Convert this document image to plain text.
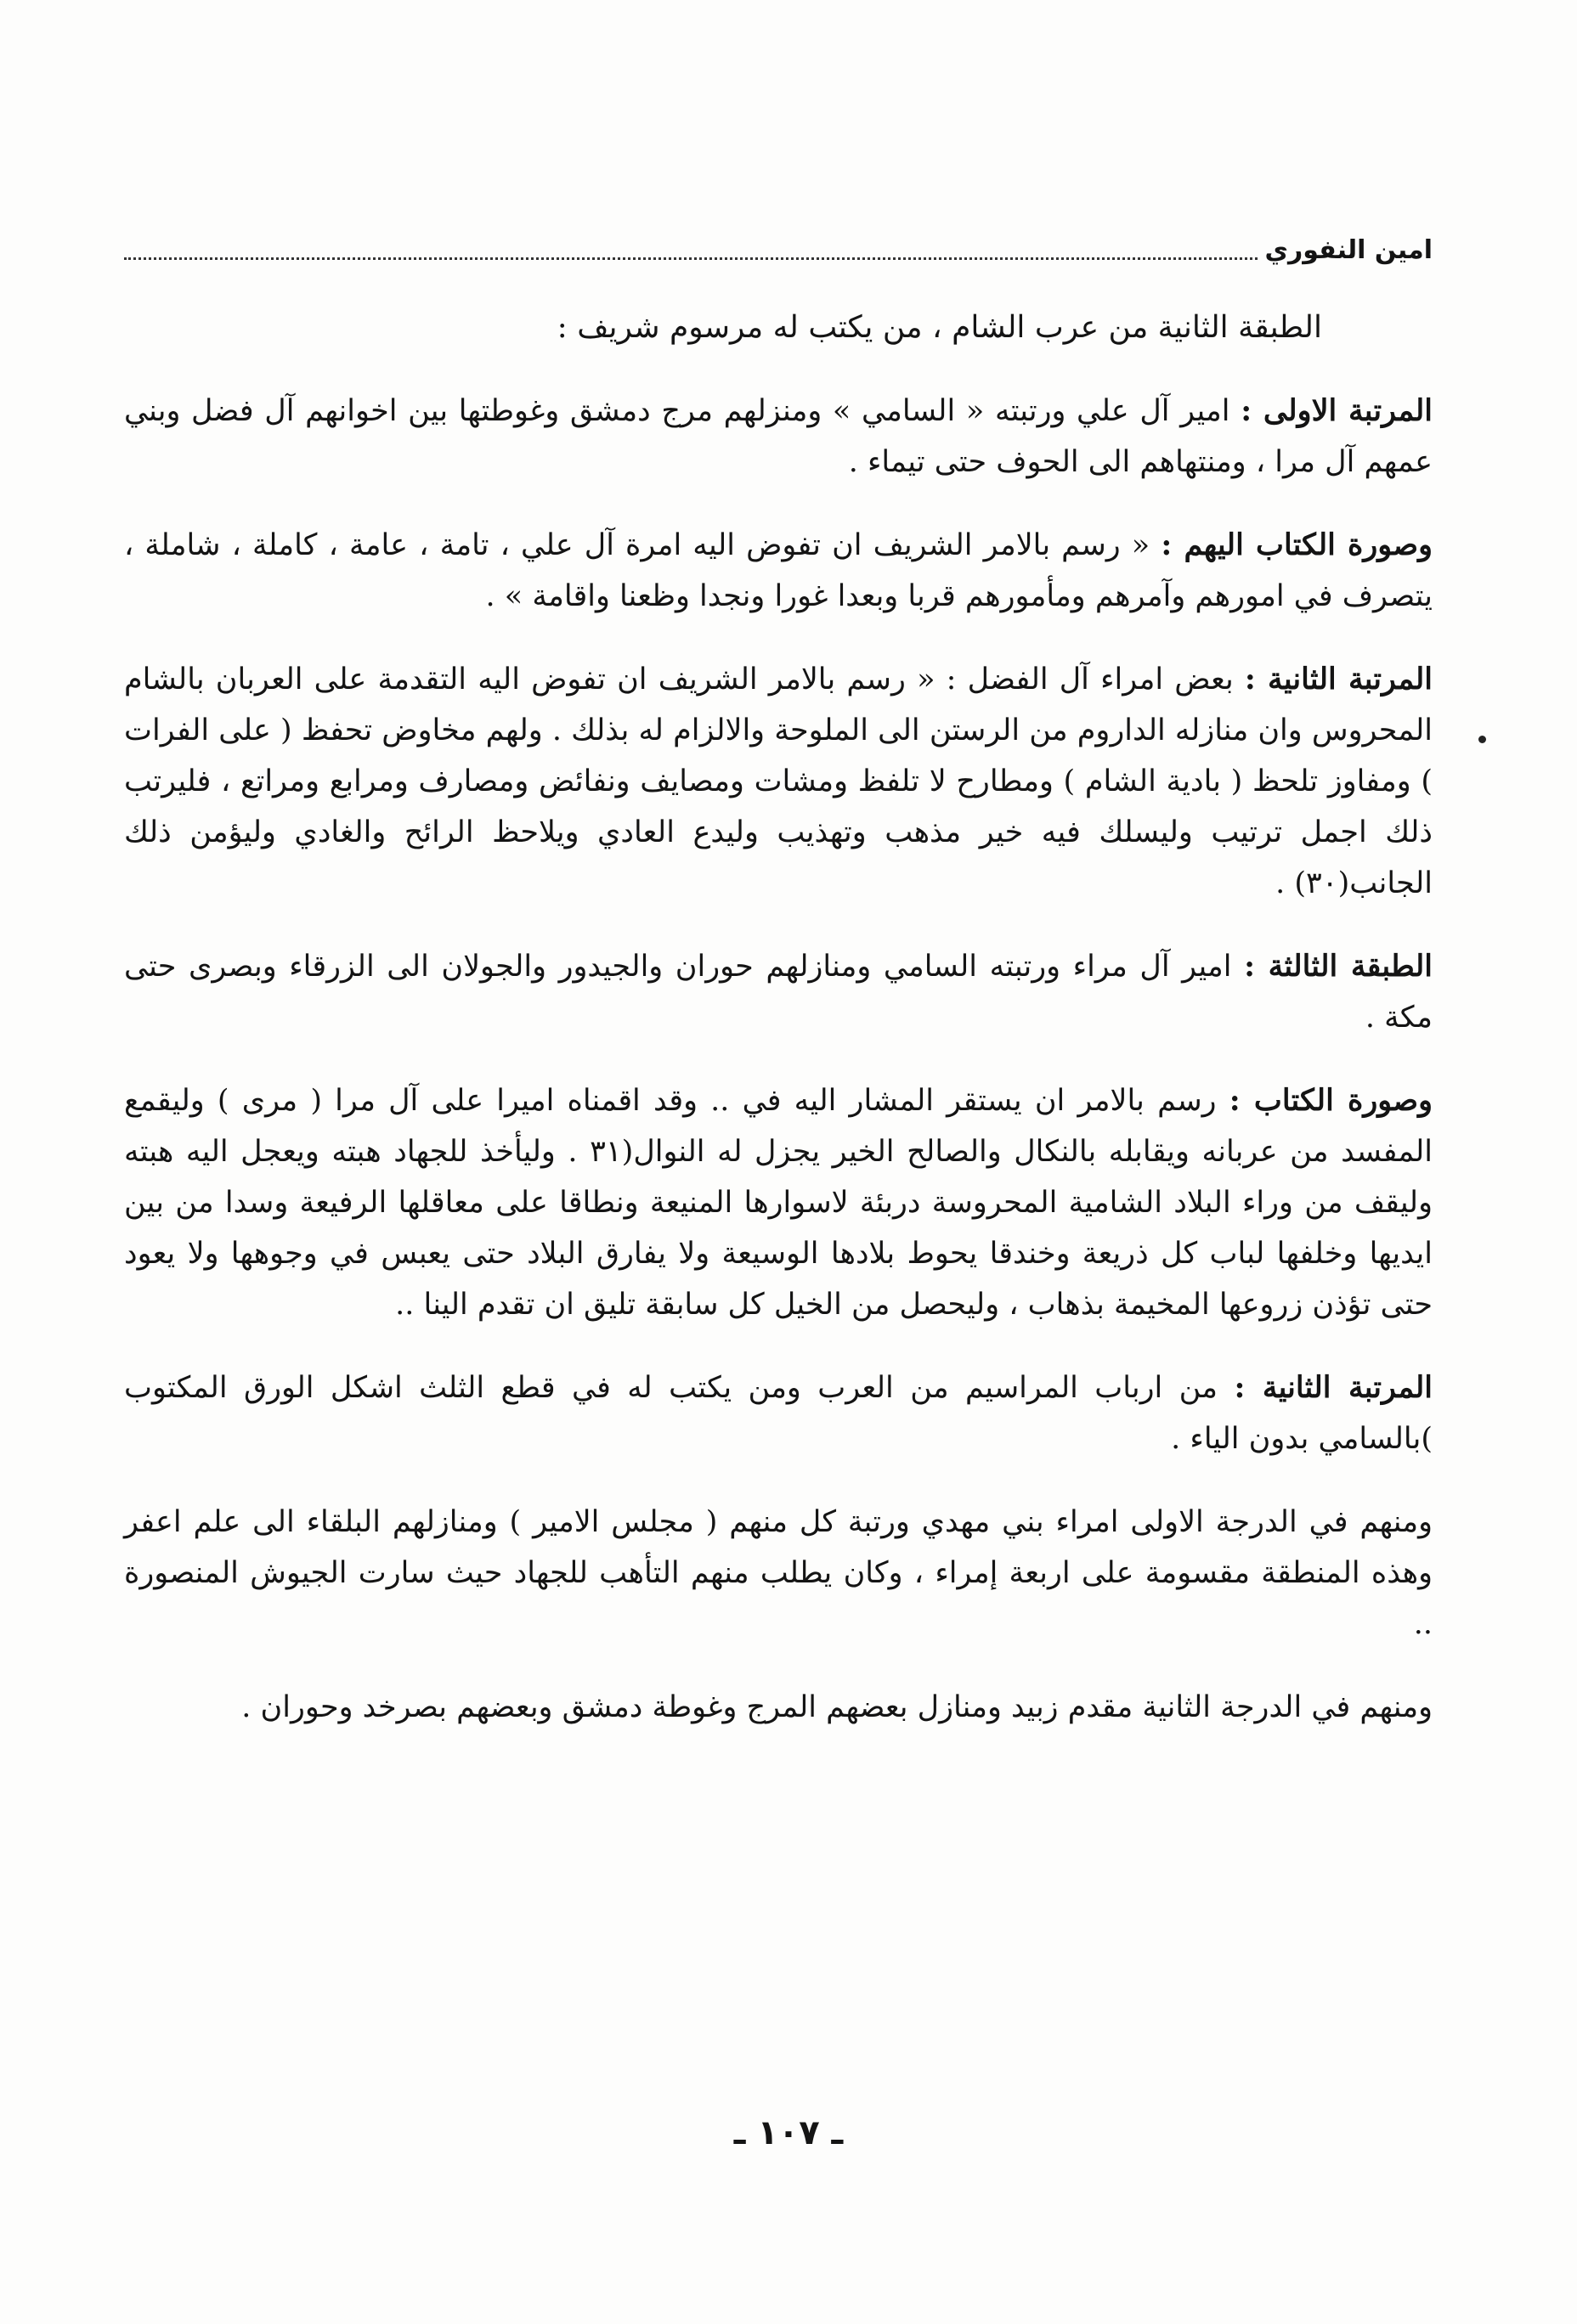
امين النفوري

الطبقة الثانية من عرب الشام ، من يكتب له مرسوم شريف :

المرتبة الاولى : امير آل علي ورتبته « السامي » ومنزلهم مرج دمشق وغوطتها بين اخوانهم آل فضل وبني عمهم آل مرا ، ومنتهاهم الى الحوف حتى تيماء .

وصورة الكتاب اليهم : « رسم بالامر الشريف ان تفوض اليه امرة آل علي ، تامة ، عامة ، كاملة ، شاملة ، يتصرف في امورهم وآمرهم ومأمورهم قربا وبعدا غورا ونجدا وظعنا واقامة » .

المرتبة الثانية : بعض امراء آل الفضل : « رسم بالامر الشريف ان تفوض اليه التقدمة على العربان بالشام المحروس وان منازله الداروم من الرستن الى الملوحة والالزام له بذلك . ولهم مخاوض تحفظ ( على الفرات ) ومفاوز تلحظ ( بادية الشام ) ومطارح لا تلفظ ومشات ومصايف ونفائض ومصارف ومرابع ومراتع ، فليرتب ذلك اجمل ترتيب وليسلك فيه خير مذهب وتهذيب وليدع العادي ويلاحظ الرائح والغادي وليؤمن ذلك الجانب(٣٠) .

الطبقة الثالثة : امير آل مراء ورتبته السامي ومنازلهم حوران والجيدور والجولان الى الزرقاء وبصرى حتى مكة .

وصورة الكتاب : رسم بالامر ان يستقر المشار اليه في .. وقد اقمناه اميرا على آل مرا ( مرى ) وليقمع المفسد من عربانه ويقابله بالنكال والصالح الخير يجزل له النوال(٣١ . وليأخذ للجهاد هبته ويعجل اليه هبته وليقف من وراء البلاد الشامية المحروسة دربئة لاسوارها المنيعة ونطاقا على معاقلها الرفيعة وسدا من بين ايديها وخلفها لباب كل ذريعة وخندقا يحوط بلادها الوسيعة ولا يفارق البلاد حتى يعبس في وجوهها ولا يعود حتى تؤذن زروعها المخيمة بذهاب ، وليحصل من الخيل كل سابقة تليق ان تقدم الينا ..

المرتبة الثانية : من ارباب المراسيم من العرب ومن يكتب له في قطع الثلث اشكل الورق المكتوب )بالسامي بدون الياء .

ومنهم في الدرجة الاولى امراء بني مهدي ورتبة كل منهم ( مجلس الامير ) ومنازلهم البلقاء الى علم اعفر وهذه المنطقة مقسومة على اربعة إمراء ، وكان يطلب منهم التأهب للجهاد حيث سارت الجيوش المنصورة ..

ومنهم في الدرجة الثانية مقدم زبيد ومنازل بعضهم المرج وغوطة دمشق وبعضهم بصرخد وحوران .

ـ ١٠٧ ـ
